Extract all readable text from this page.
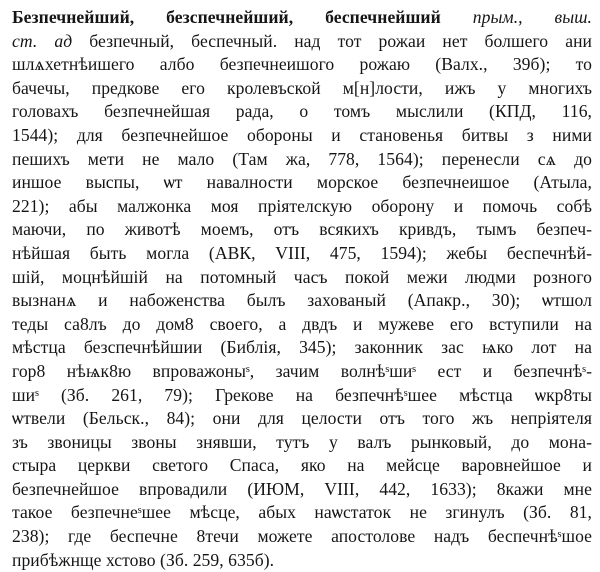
Безпечнейший, безспечнейший, беспечнейший прым., выш.
ст. ад безпечный, беспечный. над тот рожаи нет болшего ани
шлѧхетнѣишего албо безпечнеишого рожаю (Валх., 39б); то
бачечы, предкове его кролевъской м[н]лости, ижъ у многихъ
головахъ безпечнейшая рада, о томъ мыслили (КПД, 116,
1544); для безпечнейшое обороны и становенья битвы з ними
пешихъ мети не мало (Там жа, 778, 1564); перенесли сѧ до
иншое выспы, ѡт навалности морское безпечнеишое (Атыла,
221); абы малжонка моя прiятелскую оборону и помочь собѣ
маючи, по животѣ моемъ, отъ всякихъ кривдъ, тымъ безпеч-
нѣйшая быть могла (АВК, VIII, 475, 1594); жебы беспечнѣй-
шiй, моцнѣйшiй на потомный часъ покой межи людми розного
вызнанѧ и набоженства былъ захованый (Апакр., 30); ѡтшол
теды са8лъ до дом8 своего, а двдъ и мужеве его вступили на
мѣстца безспечнѣйшии (Библiя, 345); законник зас ѩко лот на
гор8 нѣѩк8ю впроважоныˢ, зачим волнѣˢшиˢ ест и безпечнѣˢ-
шиˢ (Зб. 261, 79); Грекове на безпечнѣˢшее мѣстца ѡкр8ты
ѡтвели (Бельск., 84); они для целости отъ того жъ непрiятеля
зъ звоницы звоны знявши, тутъ у валъ рынковый, до мона-
стыра церкви светого Спаса, яко на мейсце варовнейшое и
безпечнейшое впровадили (ИЮМ, VIII, 442, 1633); 8кажи мне
такое безпечнеˢшее мѣсце, абых наѡстаток не згинулъ (Зб. 81,
238); где беспечне 8течи можете апостолове надъ беспечнѣˢшое
прибѣжнще хстово (Зб. 259, 635б).
